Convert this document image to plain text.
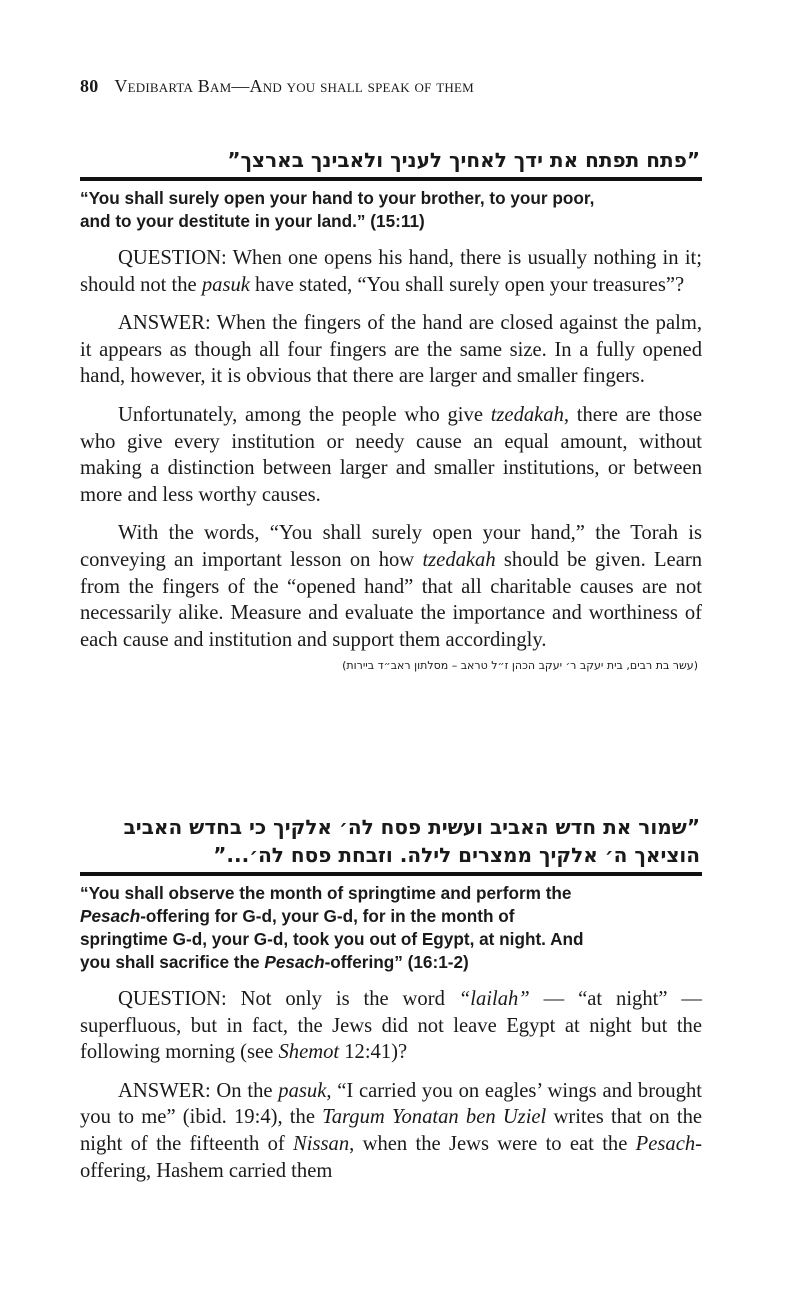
80 Vedibarta Bam—And you shall speak of them
”פתח תפתח את ידך לאחיך לעניך ולאבינך בארצך”
“You shall surely open your hand to your brother, to your poor,
and to your destitute in your land.” (15:11)

QUESTION: When one opens his hand, there is usually nothing in it; should not the pasuk have stated, “You shall surely open your treasures”?

ANSWER: When the fingers of the hand are closed against the palm, it appears as though all four fingers are the same size. In a fully opened hand, however, it is obvious that there are larger and smaller fingers.

Unfortunately, among the people who give tzedakah, there are those who give every institution or needy cause an equal amount, without making a distinction between larger and smaller institutions, or between more and less worthy causes.

With the words, “You shall surely open your hand,” the Torah is conveying an important lesson on how tzedakah should be given. Learn from the fingers of the “opened hand” that all charitable causes are not necessarily alike. Measure and evaluate the importance and worthiness of each cause and institution and support them accordingly.

(עשר בת רבים, בית יעקב ר׳ יעקב הכהן ז״ל טראב – מסלתון ראב״ד ביירות)
”שמור את חדש האביב ועשית פסח לה׳ אלקיך כי בחדש האביב
הוציאך ה׳ אלקיך ממצרים לילה. וזבחת פסח לה׳...”
“You shall observe the month of springtime and perform the
Pesach-offering for G-d, your G-d, for in the month of
springtime G-d, your G-d, took you out of Egypt, at night. And
you shall sacrifice the Pesach-offering” (16:1-2)

QUESTION: Not only is the word “lailah” — “at night” — superfluous, but in fact, the Jews did not leave Egypt at night but the following morning (see Shemot 12:41)?

ANSWER: On the pasuk, “I carried you on eagles’ wings and brought you to me” (ibid. 19:4), the Targum Yonatan ben Uziel writes that on the night of the fifteenth of Nissan, when the Jews were to eat the Pesach-offering, Hashem carried them
